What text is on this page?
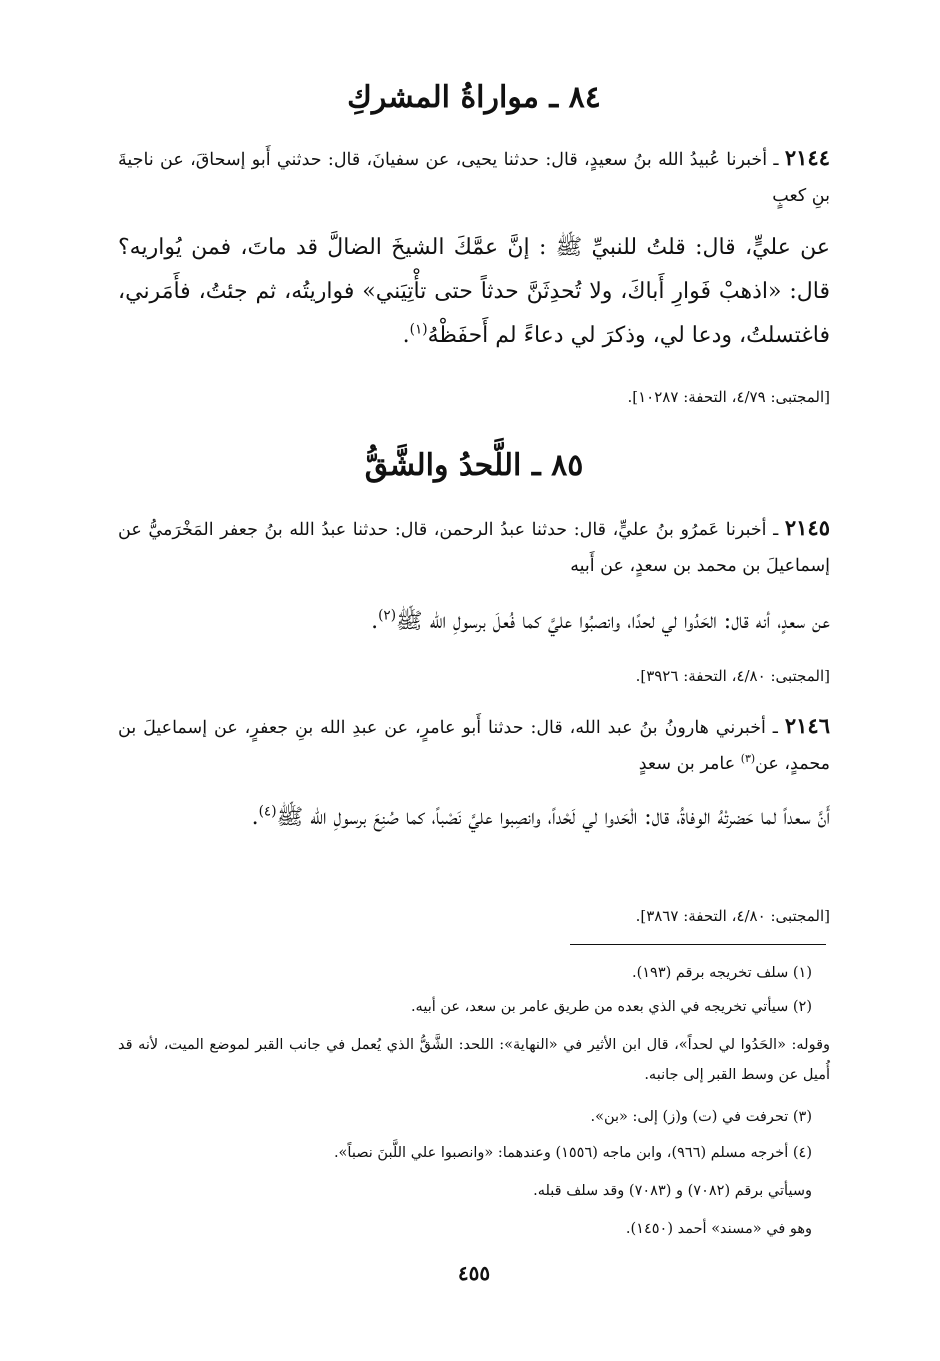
٨٤ ـ مواراةُ المشركِ
٢١٤٤ ـ أخبرنا عُبيدُ الله بنُ سعيدٍ، قال: حدثنا يحيى، عن سفيانَ، قال: حدثني أَبو إسحاقَ، عن ناجيةَ بنِ كعبٍ
عن عليٍّ، قال: قلتُ للنبيِّ ﷺ : إنَّ عمَّكَ الشيخَ الضالَّ قد ماتَ، فمن يُواريه؟ قال: «اذهبْ فَوارِ أَباكَ، ولا تُحدِثَنَّ حدثاً حتى تأْتِيَني» فواريتُه، ثم جئتُ، فأَمَرني، فاغتسلتُ، ودعا لي، وذكرَ لي دعاءً لم أَحفَظْهُ$^{(١)}$.
[المجتبى: ٤/٧٩، التحفة: ١٠٢٨٧].
٨٥ ـ اللَّحدُ والشَّقُّ
٢١٤٥ ـ أخبرنا عَمرُو بنُ عليٍّ، قال: حدثنا عبدُ الرحمن، قال: حدثنا عبدُ الله بنُ جعفر المَخْرَميُّ عن إسماعيلَ بن محمد بن سعدٍ، عن أَبيه
عن سعدٍ، أنه قال: الحَدُوا لي لحدًا، وانصبُوا عليَّ كما فُعلَ برسولِ الله ﷺ$^{(٢)}$.
[المجتبى: ٤/٨٠، التحفة: ٣٩٢٦].
٢١٤٦ ـ أخبرني هارونُ بنُ عبد الله، قال: حدثنا أَبو عامرٍ، عن عبدِ الله بنِ جعفرٍ، عن إسماعيلَ بن محمدٍ، عن$^{(٣)}$ عامر بن سعدٍ
أَنَّ سعداً لما حَضرتْهُ الوفاةُ، قال: الْحَدوا لي لَحْداً، وانصِبوا عليَّ نَصْباً، كما صُنِعَ برسولِ الله ﷺ$^{(٤)}$.
[المجتبى: ٤/٨٠، التحفة: ٣٨٦٧].
(١) سلف تخريجه برقم (١٩٣).
(٢) سيأتي تخريجه في الذي بعده من طريق عامر بن سعد، عن أبيه.
وقوله: «الحَدُوا لي لحداً»، قال ابن الأثير في «النهاية»: اللحد: الشَّقُّ الذي يُعمل في جانب القبر لموضع الميت، لأنه قد أُميل عن وسط القبر إلى جانبه.
(٣) تحرفت في (ت) و(ز) إلى: «بن».
(٤) أخرجه مسلم (٩٦٦)، وابن ماجه (١٥٥٦) وعندهما: «وانصبوا علي اللَّبنَ نصباً».
وسيأتي برقم (٧٠٨٢) و (٧٠٨٣) وقد سلف قبله.
وهو في «مسند» أحمد (١٤٥٠).
٤٥٥
